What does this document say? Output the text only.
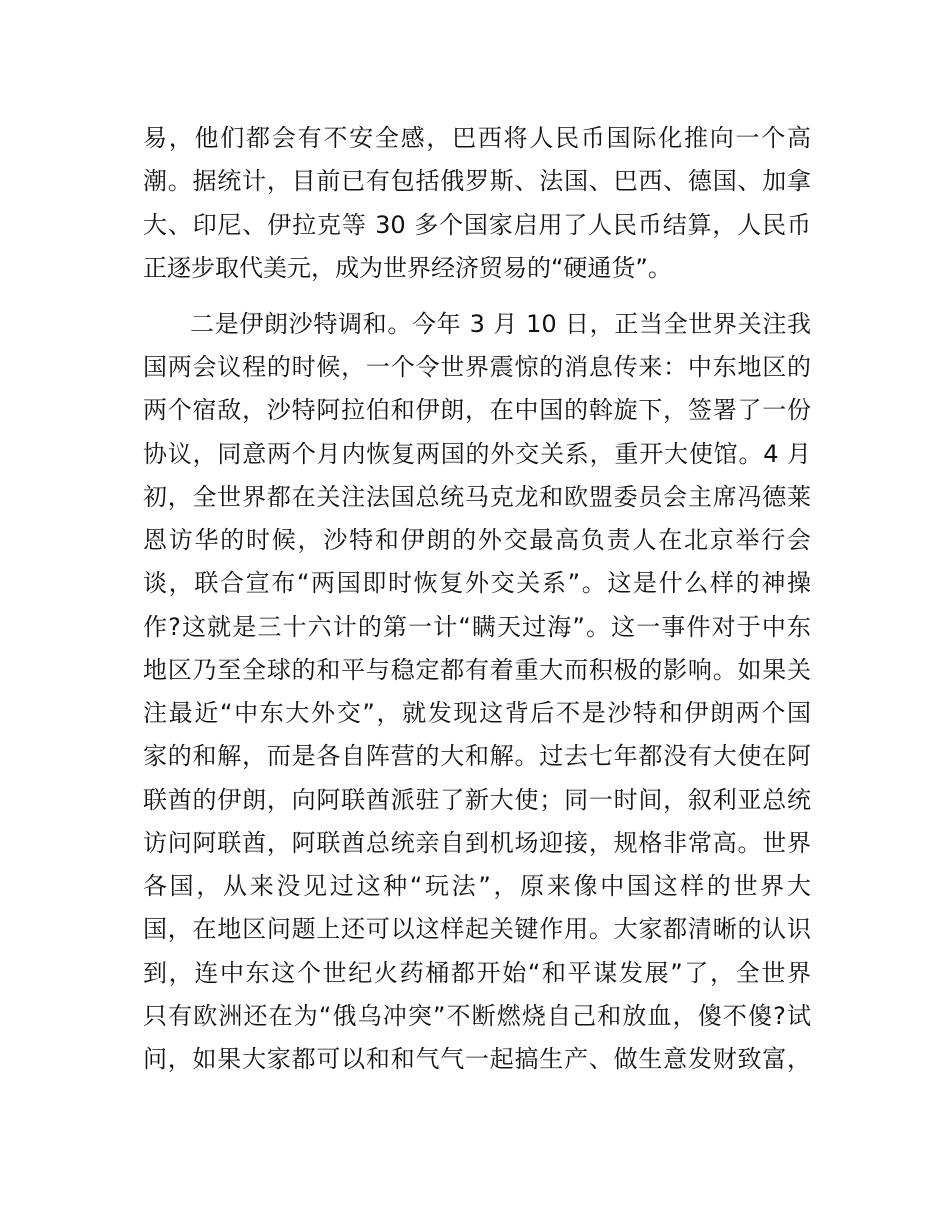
易，他们都会有不安全感，巴西将人民币国际化推向一个高
潮。据统计，目前已有包括俄罗斯、法国、巴西、德国、加拿
大、印尼、伊拉克等 30 多个国家启用了人民币结算，人民币
正逐步取代美元，成为世界经济贸易的“硬通货”。
二是伊朗沙特调和。今年 3 月 10 日，正当全世界关注我
国两会议程的时候，一个令世界震惊的消息传来：中东地区的
两个宿敌，沙特阿拉伯和伊朗，在中国的斡旋下，签署了一份
协议，同意两个月内恢复两国的外交关系，重开大使馆。4 月
初，全世界都在关注法国总统马克龙和欧盟委员会主席冯德莱
恩访华的时候，沙特和伊朗的外交最高负责人在北京举行会
谈，联合宣布“两国即时恢复外交关系”。这是什么样的神操
作?这就是三十六计的第一计“瞒天过海”。这一事件对于中东
地区乃至全球的和平与稳定都有着重大而积极的影响。如果关
注最近“中东大外交”，就发现这背后不是沙特和伊朗两个国
家的和解，而是各自阵营的大和解。过去七年都没有大使在阿
联酋的伊朗，向阿联酋派驻了新大使；同一时间，叙利亚总统
访问阿联酋，阿联酋总统亲自到机场迎接，规格非常高。世界
各国，从来没见过这种“玩法”，原来像中国这样的世界大
国，在地区问题上还可以这样起关键作用。大家都清晰的认识
到，连中东这个世纪火药桶都开始“和平谋发展”了，全世界
只有欧洲还在为“俄乌冲突”不断燃烧自己和放血，傻不傻?试
问，如果大家都可以和和气气一起搞生产、做生意发财致富，
